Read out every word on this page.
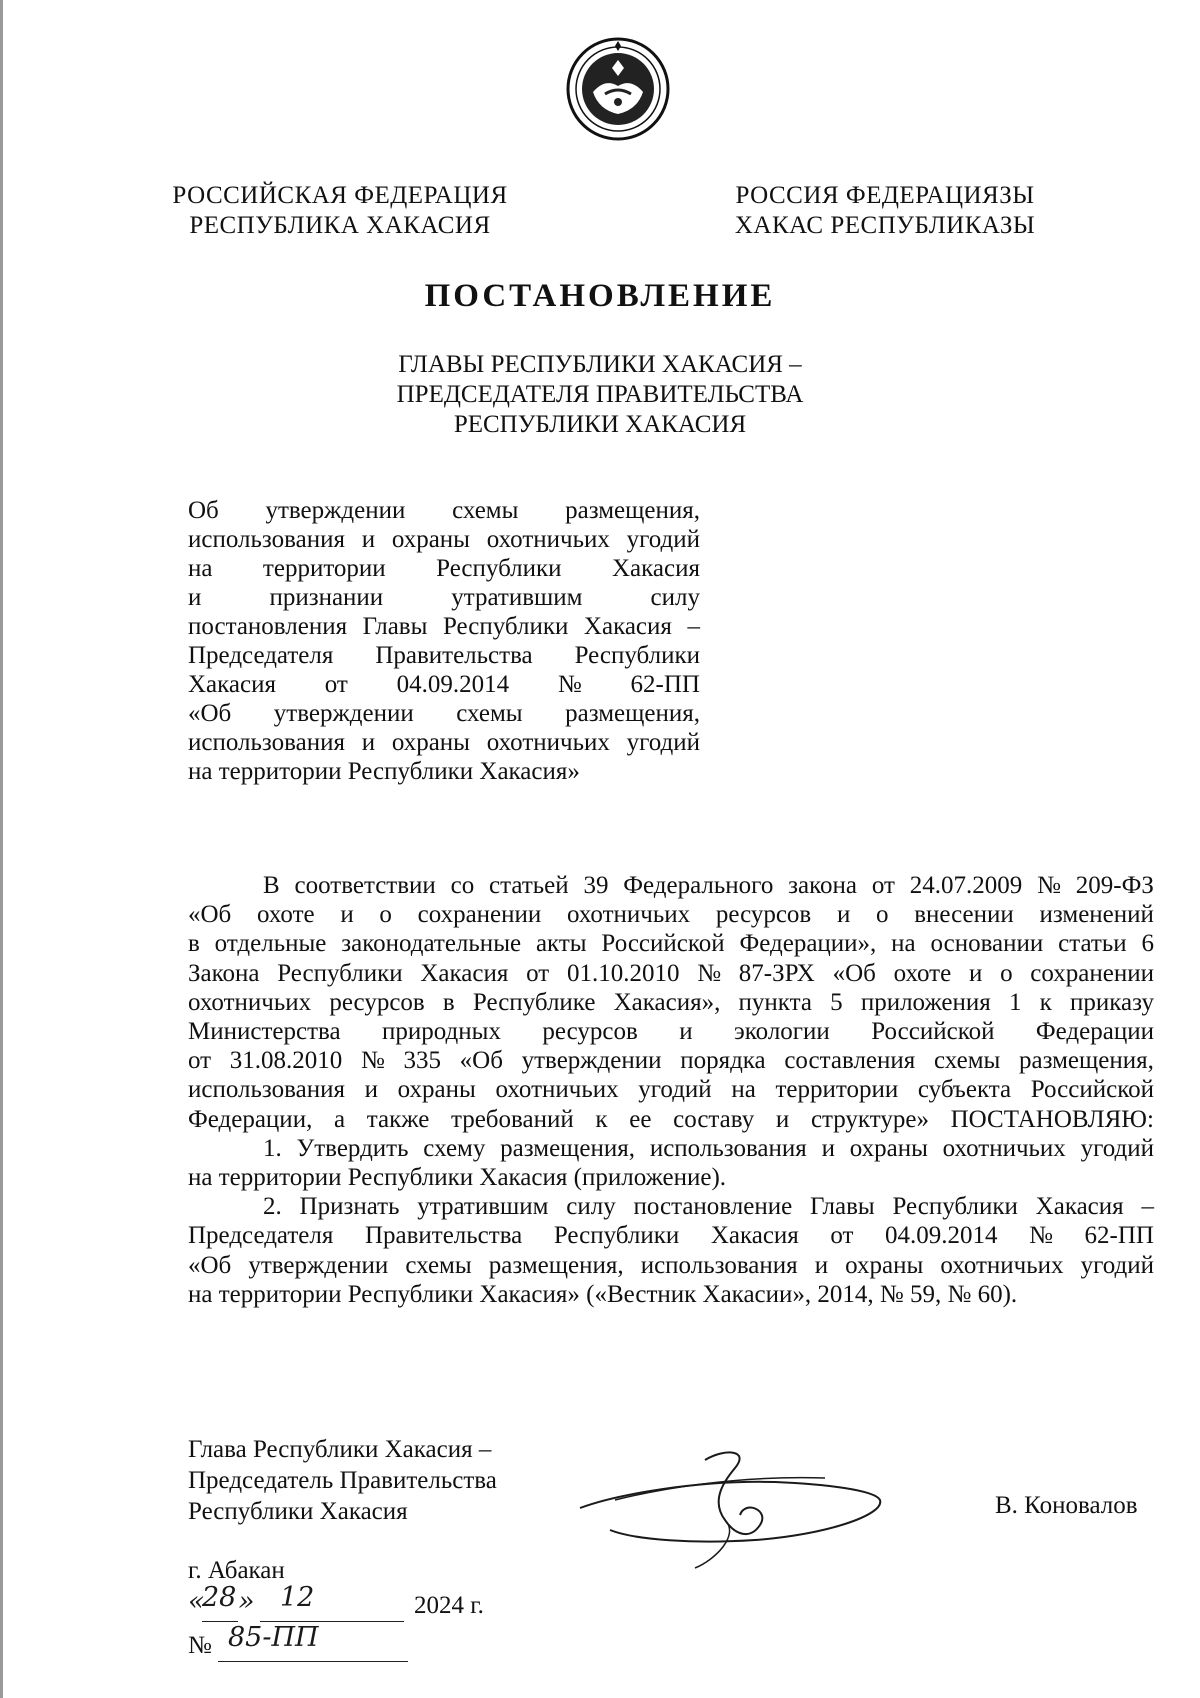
РОССИЙСКАЯ ФЕДЕРАЦИЯ
РЕСПУБЛИКА ХАКАСИЯ
РОССИЯ ФЕДЕРАЦИЯЗЫ
ХАКАС РЕСПУБЛИКАЗЫ
ПОСТАНОВЛЕНИЕ
ГЛАВЫ РЕСПУБЛИКИ ХАКАСИЯ –
ПРЕДСЕДАТЕЛЯ ПРАВИТЕЛЬСТВА
РЕСПУБЛИКИ ХАКАСИЯ
Об утверждении схемы размещения,
использования и охраны охотничьих угодий
на территории Республики Хакасия
и	признании	утратившим	силу
постановления Главы Республики Хакасия –
Председателя Правительства Республики
Хакасия от 04.09.2014 № 62-ПП
«Об утверждении схемы размещения,
использования и охраны охотничьих угодий
на территории Республики Хакасия»
В соответствии со статьей 39 Федерального закона от 24.07.2009 № 209-ФЗ
«Об охоте и о сохранении охотничьих ресурсов и о внесении изменений
в отдельные законодательные акты Российской Федерации», на основании статьи 6
Закона Республики Хакасия от 01.10.2010 № 87-ЗРХ «Об охоте и о сохранении
охотничьих ресурсов в Республике Хакасия», пункта 5 приложения 1 к приказу
Министерства природных ресурсов и экологии Российской Федерации
от 31.08.2010 № 335 «Об утверждении порядка составления схемы размещения,
использования и охраны охотничьих угодий на территории субъекта Российской
Федерации, а также требований к ее составу и структуре» ПОСТАНОВЛЯЮ:
1. Утвердить схему размещения, использования и охраны охотничьих угодий
на территории Республики Хакасия (приложение).
2. Признать утратившим силу постановление Главы Республики Хакасия –
Председателя Правительства Республики Хакасия от 04.09.2014 № 62-ПП
«Об утверждении схемы размещения, использования и охраны охотничьих угодий
на территории Республики Хакасия» («Вестник Хакасии», 2014, № 59, № 60).
Глава Республики Хакасия –
Председатель Правительства
Республики Хакасия	В. Коновалов
г. Абакан
«
28 » 12	2024 г.
№ 85-ПП
